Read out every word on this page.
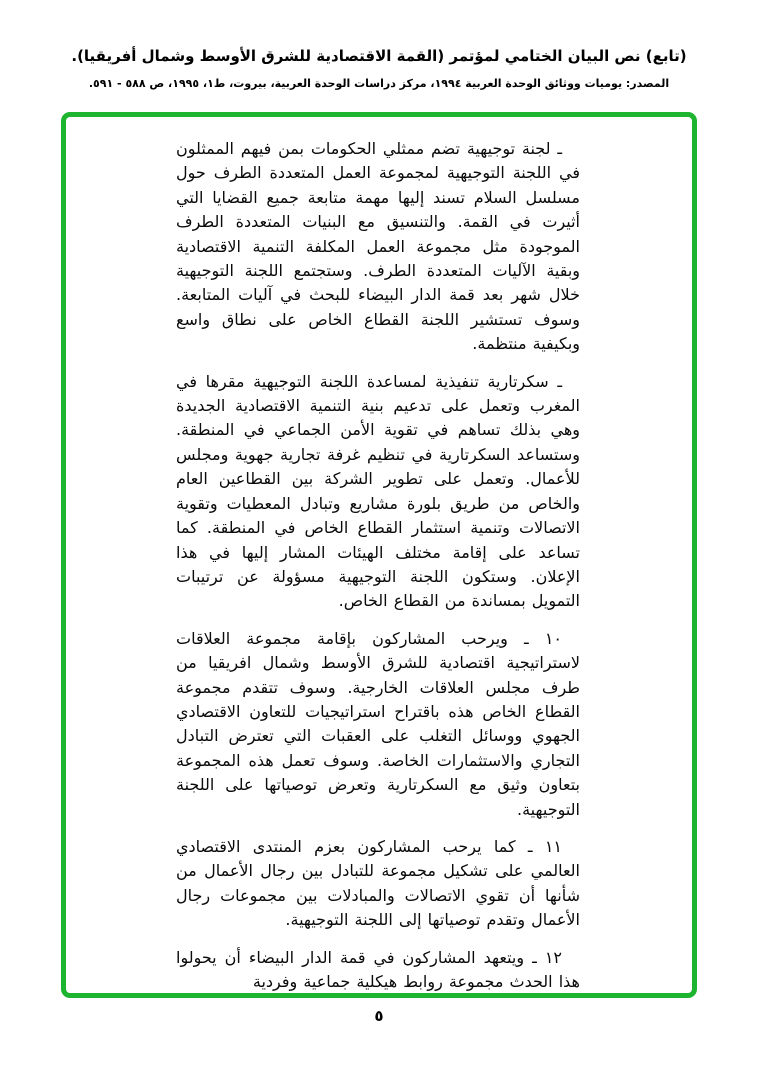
(تابع) نص البيان الختامي لمؤتمر (القمة الاقتصادية للشرق الأوسط وشمال أفريقيا).
المصدر: يوميات ووثائق الوحدة العربية ١٩٩٤، مركز دراسات الوحدة العربية، بيروت، ط١، ١٩٩٥، ص ٥٨٨ - ٥٩١.

ـ لجنة توجيهية تضم ممثلي الحكومات بمن فيهم الممثلون في اللجنة التوجيهية لمجموعة العمل المتعددة الطرف حول مسلسل السلام تسند إليها مهمة متابعة جميع القضايا التي أثيرت في القمة. والتنسيق مع البنيات المتعددة الطرف الموجودة مثل مجموعة العمل المكلفة التنمية الاقتصادية وبقية الآليات المتعددة الطرف. وستجتمع اللجنة التوجيهية خلال شهر بعد قمة الدار البيضاء للبحث في آليات المتابعة. وسوف تستشير اللجنة القطاع الخاص على نطاق واسع وبكيفية منتظمة.

ـ سكرتارية تنفيذية لمساعدة اللجنة التوجيهية مقرها في المغرب وتعمل على تدعيم بنية التنمية الاقتصادية الجديدة وهي بذلك تساهم في تقوية الأمن الجماعي في المنطقة. وستساعد السكرتارية في تنظيم غرفة تجارية جهوية ومجلس للأعمال. وتعمل على تطوير الشركة بين القطاعين العام والخاص من طريق بلورة مشاريع وتبادل المعطيات وتقوية الاتصالات وتنمية استثمار القطاع الخاص في المنطقة. كما تساعد على إقامة مختلف الهيئات المشار إليها في هذا الإعلان. وستكون اللجنة التوجيهية مسؤولة عن ترتيبات التمويل بمساندة من القطاع الخاص.

١٠ ـ ويرحب المشاركون بإقامة مجموعة العلاقات لاستراتيجية اقتصادية للشرق الأوسط وشمال افريقيا من طرف مجلس العلاقات الخارجية. وسوف تتقدم مجموعة القطاع الخاص هذه باقتراح استراتيجيات للتعاون الاقتصادي الجهوي ووسائل التغلب على العقبات التي تعترض التبادل التجاري والاستثمارات الخاصة. وسوف تعمل هذه المجموعة بتعاون وثيق مع السكرتارية وتعرض توصياتها على اللجنة التوجيهية.

١١ ـ كما يرحب المشاركون بعزم المنتدى الاقتصادي العالمي على تشكيل مجموعة للتبادل بين رجال الأعمال من شأنها أن تقوي الاتصالات والمبادلات بين مجموعات رجال الأعمال وتقدم توصياتها إلى اللجنة التوجيهية.

١٢ ـ ويتعهد المشاركون في قمة الدار البيضاء أن يحولوا هذا الحدث مجموعة روابط هيكلية جماعية وفردية

٥
